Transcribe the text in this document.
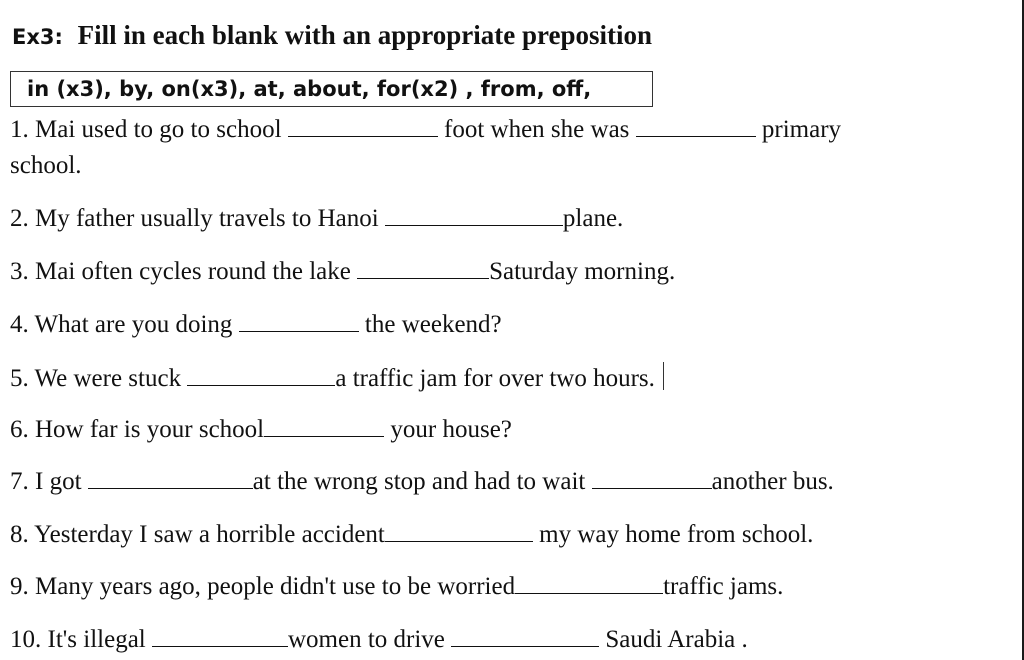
Ex3: Fill in each blank with an appropriate preposition
in (x3), by, on(x3), at, about, for(x2) , from, off,
1. Mai used to go to school	foot when she was	primary
school.
2. My father usually travels to Hanoi	plane.
3. Mai often cycles round the lake	Saturday morning.
4. What are you doing	the weekend?
5. We were stuck	a traffic jam for over two hours.
6. How far is your school	your house?
7. I got	at the wrong stop and had to wait	another bus.
8. Yesterday I saw a horrible accident	my way home from school.
9. Many years ago, people didn't use to be worried	traffic jams.
10. It's illegal	women to drive	Saudi Arabia .
